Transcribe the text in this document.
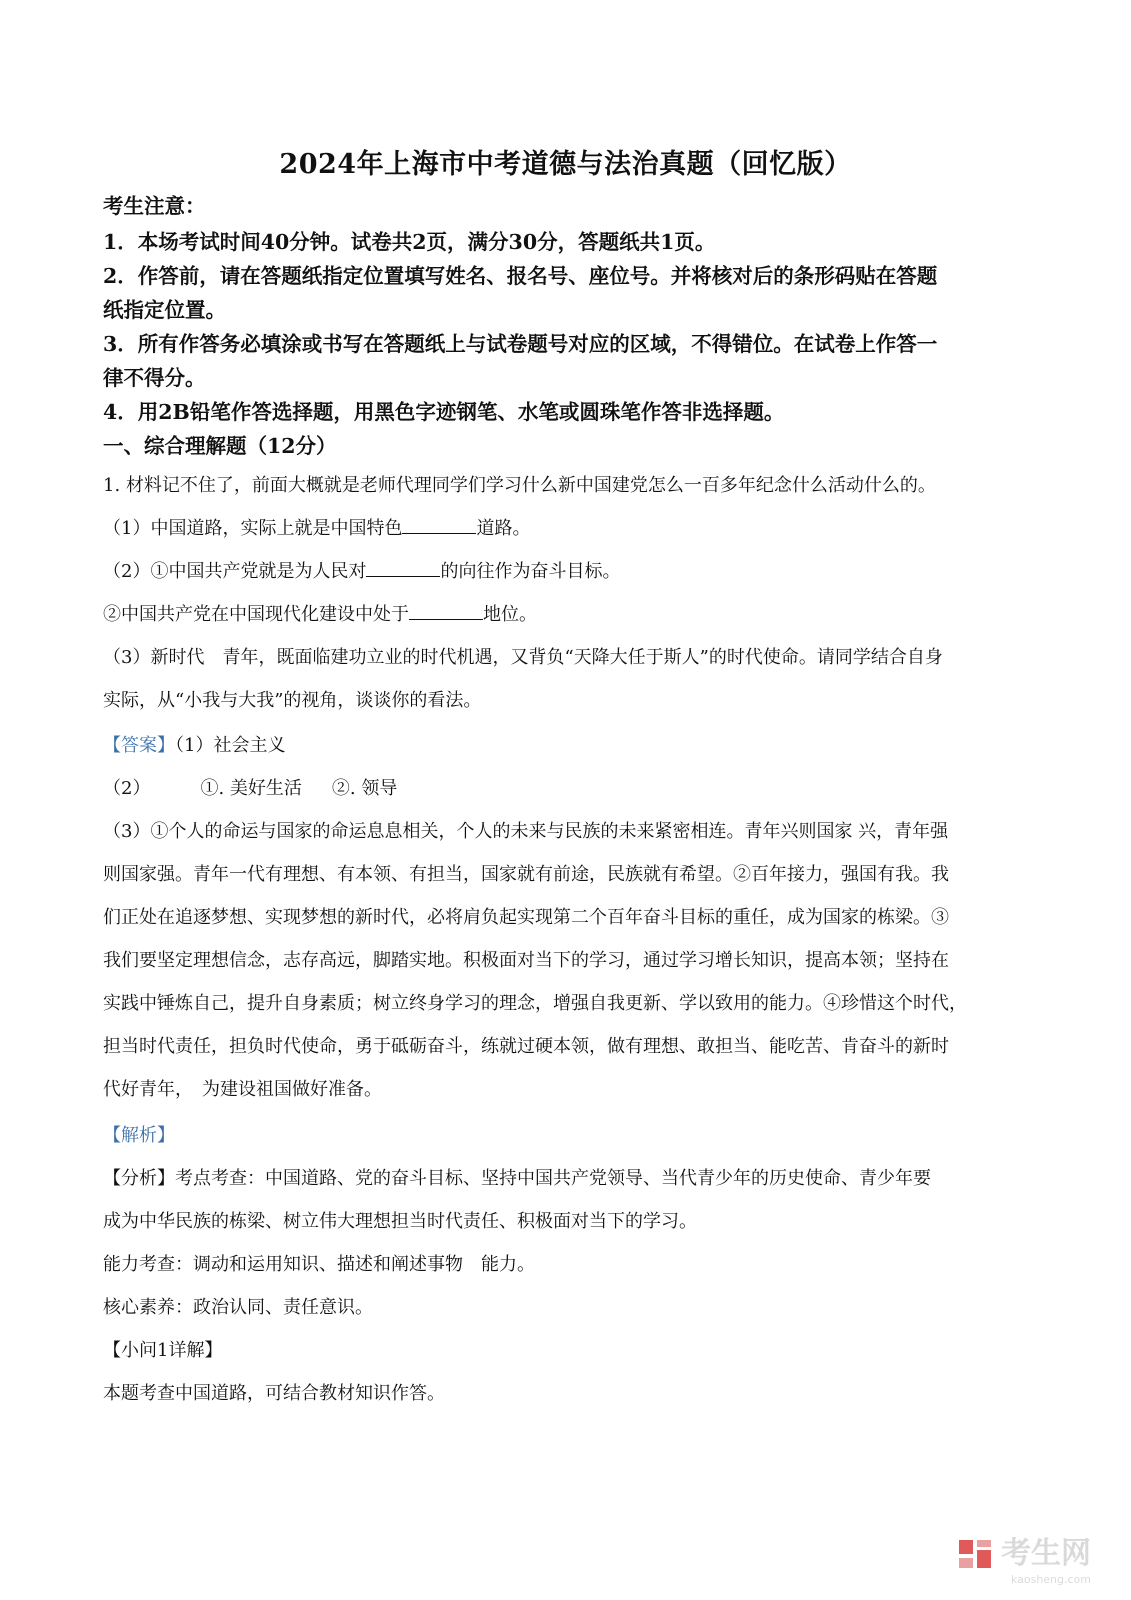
2024年上海市中考道德与法治真题（回忆版）
考生注意：
1．本场考试时间40分钟。试卷共2页，满分30分，答题纸共1页。
2．作答前，请在答题纸指定位置填写姓名、报名号、座位号。并将核对后的条形码贴在答题
纸指定位置。
3．所有作答务必填涂或书写在答题纸上与试卷题号对应的区域，不得错位。在试卷上作答一
律不得分。
4．用2B铅笔作答选择题，用黑色字迹钢笔、水笔或圆珠笔作答非选择题。
一、综合理解题（12分）
1. 材料记不住了，前面大概就是老师代理同学们学习什么新中国建党怎么一百多年纪念什么活动什么的。
（1）中国道路，实际上就是中国特色	道路。
（2）①中国共产党就是为人民对	的向往作为奋斗目标。
②中国共产党在中国现代化建设中处于	地位。
（3）新时代　青年，既面临建功立业的时代机遇，又背负“天降大任于斯人”的时代使命。请同学结合自身
实际，从“小我与大我”的视角，谈谈你的看法。
【答案】（1）社会主义
（2）	①. 美好生活 ②. 领导
（3）①个人的命运与国家的命运息息相关，个人的未来与民族的未来紧密相连。青年兴则国家 兴，青年强
则国家强。青年一代有理想、有本领、有担当，国家就有前途，民族就有希望。②百年接力，强国有我。我
们正处在追逐梦想、实现梦想的新时代，必将肩负起实现第二个百年奋斗目标的重任，成为国家的栋梁。③
我们要坚定理想信念，志存高远，脚踏实地。积极面对当下的学习，通过学习增长知识，提高本领；坚持在
实践中锤炼自己，提升自身素质；树立终身学习的理念，增强自我更新、学以致用的能力。④珍惜这个时代，
担当时代责任，担负时代使命，勇于砥砺奋斗，练就过硬本领，做有理想、敢担当、能吃苦、肯奋斗的新时
代好青年，　为建设祖国做好准备。
【解析】
【分析】考点考查：中国道路、党的奋斗目标、坚持中国共产党领导、当代青少年的历史使命、青少年要
成为中华民族的栋梁、树立伟大理想担当时代责任、积极面对当下的学习。
能力考查：调动和运用知识、描述和阐述事物　能力。
核心素养：政治认同、责任意识。
【小问1详解】
本题考查中国道路，可结合教材知识作答。
考生网
kaosheng.com
